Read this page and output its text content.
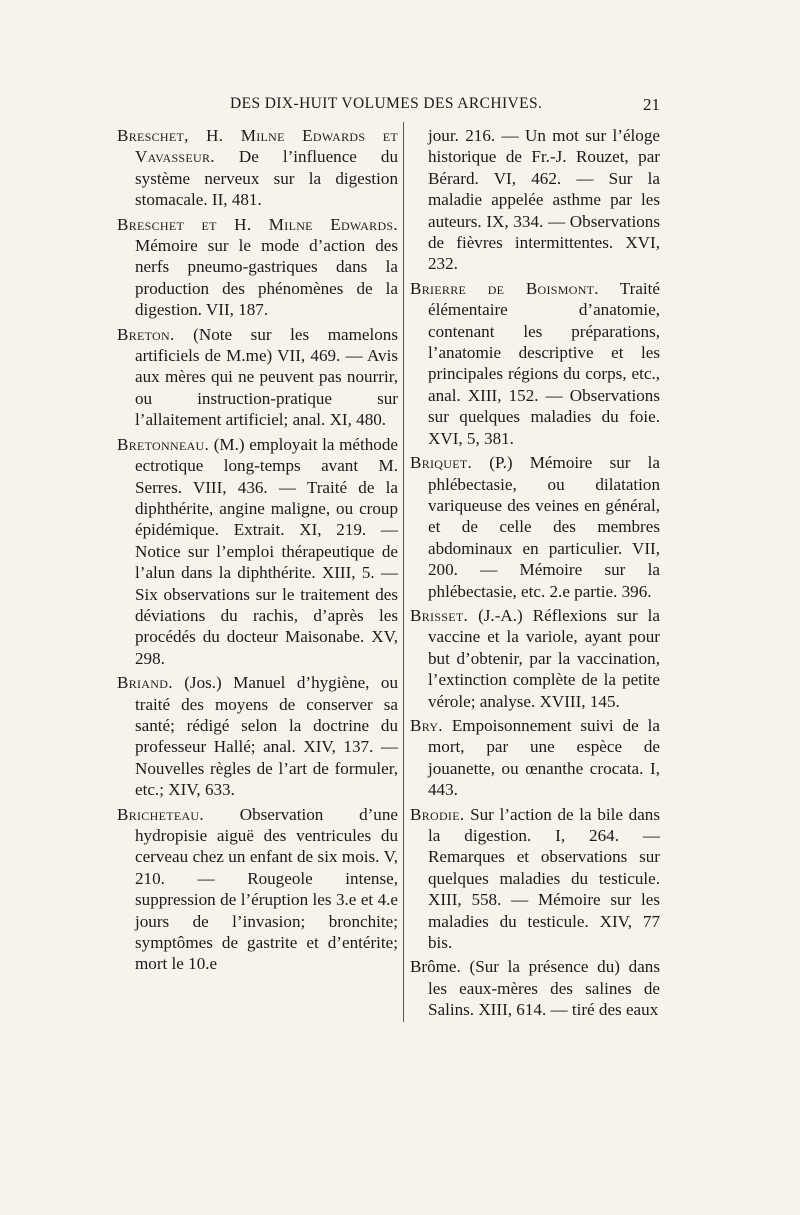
DES DIX-HUIT VOLUMES DES ARCHIVES.	21

Breschet, H. Milne Edwards et Vavasseur. De l’influence du système nerveux sur la digestion stomacale. II, 481.

Breschet et H. Milne Edwards. Mémoire sur le mode d’action des nerfs pneumo-gastriques dans la production des phénomènes de la digestion. VII, 187.

Breton. (Note sur les mamelons artificiels de M.me) VII, 469. — Avis aux mères qui ne peuvent pas nourrir, ou instruction-pratique sur l’allaitement artificiel; anal. XI, 480.

Bretonneau. (M.) employait la méthode ectrotique long-temps avant M. Serres. VIII, 436. — Traité de la diphthérite, angine maligne, ou croup épidémique. Extrait. XI, 219. — Notice sur l’emploi thérapeutique de l’alun dans la diphthérite. XIII, 5. — Six observations sur le traitement des déviations du rachis, d’après les procédés du docteur Maisonabe. XV, 298.

Briand. (Jos.) Manuel d’hygiène, ou traité des moyens de conserver sa santé; rédigé selon la doctrine du professeur Hallé; anal. XIV, 137. — Nouvelles règles de l’art de formuler, etc.; XIV, 633.

Bricheteau. Observation d’une hydropisie aiguë des ventricules du cerveau chez un enfant de six mois. V, 210. — Rougeole intense, suppression de l’éruption les 3.e et 4.e jours de l’invasion; bronchite; symptômes de gastrite et d’entérite; mort le 10.e

jour. 216. — Un mot sur l’éloge historique de Fr.-J. Rouzet, par Bérard. VI, 462. — Sur la maladie appelée asthme par les auteurs. IX, 334. — Observations de fièvres intermittentes. XVI, 232.

Brierre de Boismont. Traité élémentaire d’anatomie, contenant les préparations, l’anatomie descriptive et les principales régions du corps, etc., anal. XIII, 152. — Observations sur quelques maladies du foie. XVI, 5, 381.

Briquet. (P.) Mémoire sur la phlébectasie, ou dilatation variqueuse des veines en général, et de celle des membres abdominaux en particulier. VII, 200. — Mémoire sur la phlébectasie, etc. 2.e partie. 396.

Brisset. (J.-A.) Réflexions sur la vaccine et la variole, ayant pour but d’obtenir, par la vaccination, l’extinction complète de la petite vérole; analyse. XVIII, 145.

Bry. Empoisonnement suivi de la mort, par une espèce de jouanette, ou œnanthe crocata. I, 443.

Brodie. Sur l’action de la bile dans la digestion. I, 264. — Remarques et observations sur quelques maladies du testicule. XIII, 558. — Mémoire sur les maladies du testicule. XIV, 77 bis.

Brôme. (Sur la présence du) dans les eaux-mères des salines de Salins. XIII, 614. — tiré des eaux
